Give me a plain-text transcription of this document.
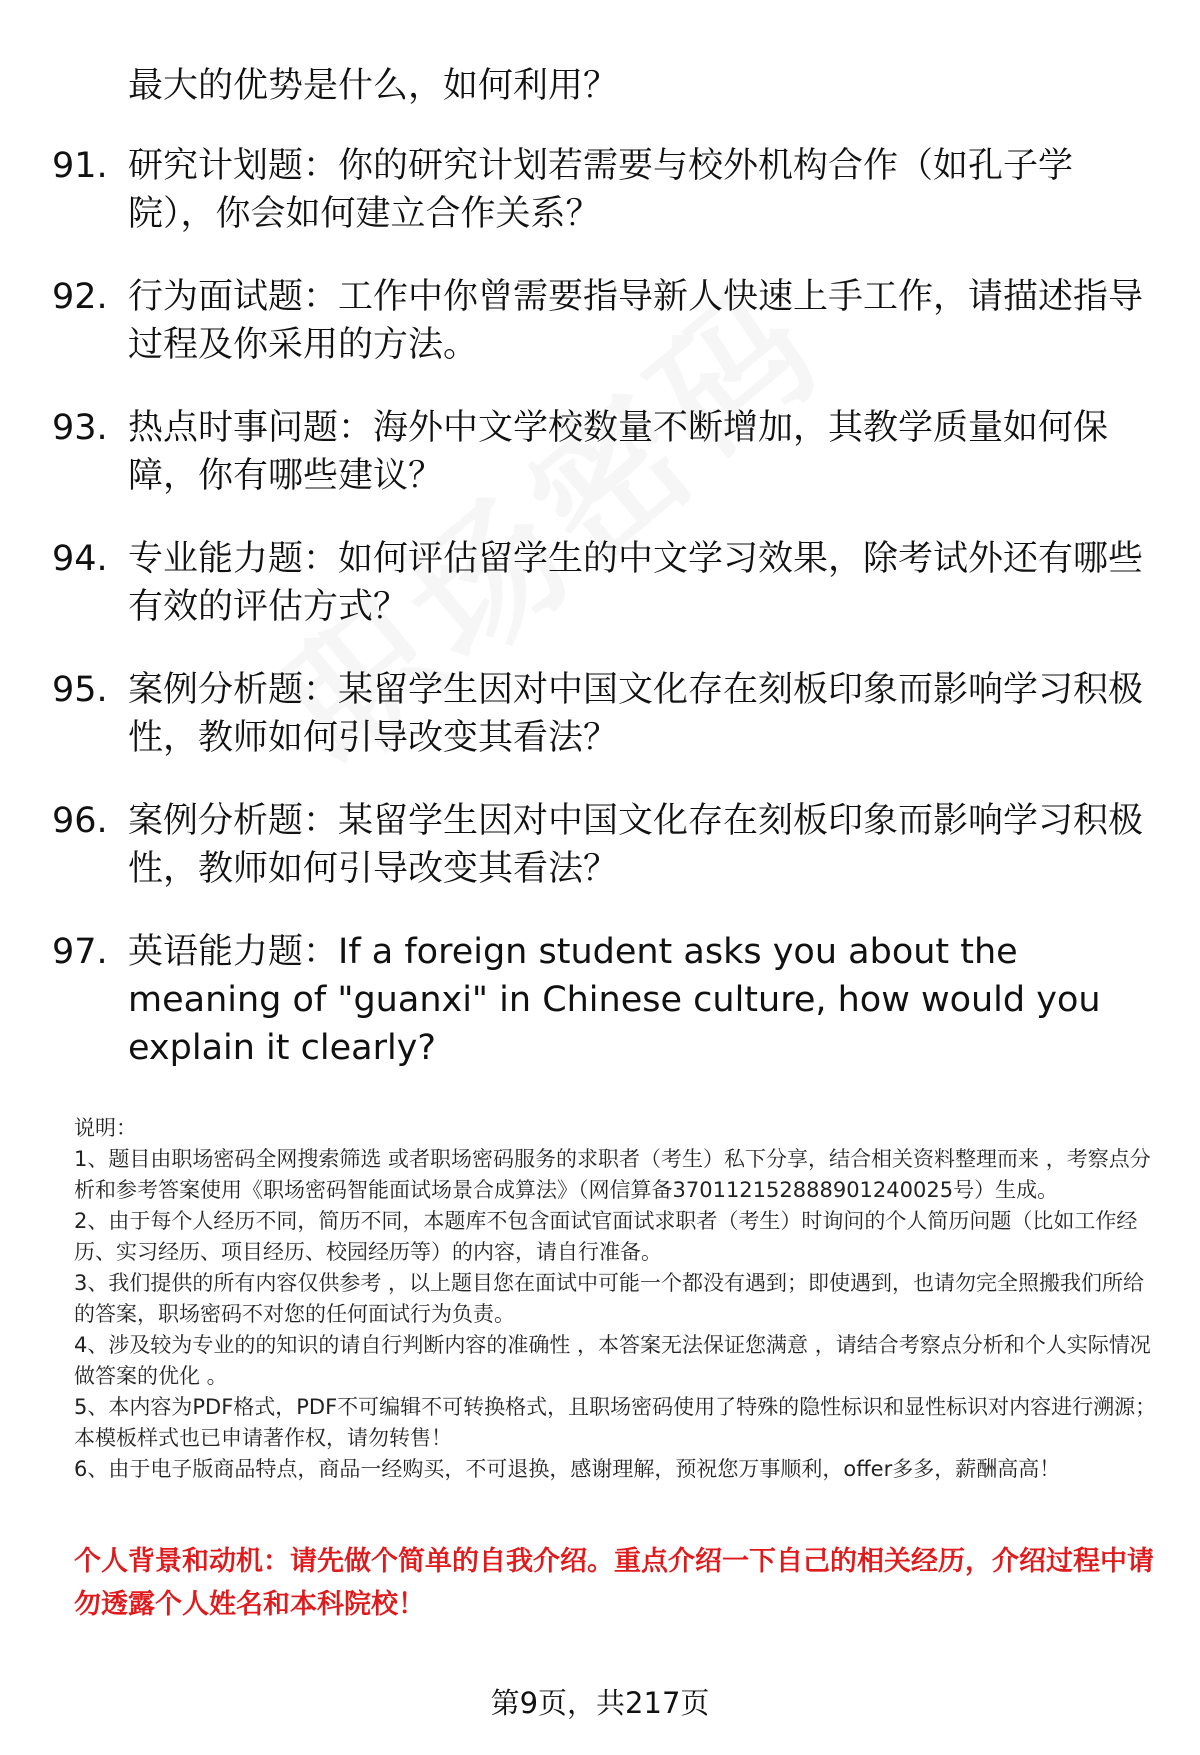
最大的优势是什么，如何利用？
91. 研究计划题：你的研究计划若需要与校外机构合作（如孔子学院），你会如何建立合作关系？
92. 行为面试题：工作中你曾需要指导新人快速上手工作，请描述指导过程及你采用的方法。
93. 热点时事问题：海外中文学校数量不断增加，其教学质量如何保障，你有哪些建议？
94. 专业能力题：如何评估留学生的中文学习效果，除考试外还有哪些有效的评估方式？
95. 案例分析题：某留学生因对中国文化存在刻板印象而影响学习积极性，教师如何引导改变其看法？
96. 案例分析题：某留学生因对中国文化存在刻板印象而影响学习积极性，教师如何引导改变其看法？
97. 英语能力题：If a foreign student asks you about the meaning of "guanxi" in Chinese culture, how would you explain it clearly?

说明：

1、题目由职场密码全网搜索筛选 或者职场密码服务的求职者（考生）私下分享，结合相关资料整理而来 ，考察点分析和参考答案使用《职场密码智能面试场景合成算法》（网信算备370112152888901240025号）生成。

2、由于每个人经历不同，简历不同，本题库不包含面试官面试求职者（考生）时询问的个人简历问题（比如工作经历、实习经历、项目经历、校园经历等）的内容，请自行准备。

3、我们提供的所有内容仅供参考 ，以上题目您在面试中可能一个都没有遇到；即使遇到，也请勿完全照搬我们所给的答案，职场密码不对您的任何面试行为负责。

4、涉及较为专业的的知识的请自行判断内容的准确性 ，本答案无法保证您满意 ，请结合考察点分析和个人实际情况做答案的优化 。

5、本内容为PDF格式，PDF不可编辑不可转换格式，且职场密码使用了特殊的隐性标识和显性标识对内容进行溯源；本模板样式也已申请著作权，请勿转售！

6、由于电子版商品特点，商品一经购买，不可退换，感谢理解，预祝您万事顺利，offer多多，薪酬高高！

个人背景和动机：请先做个简单的自我介绍。重点介绍一下自己的相关经历，介绍过程中请勿透露个人姓名和本科院校！
第9页，共217页
